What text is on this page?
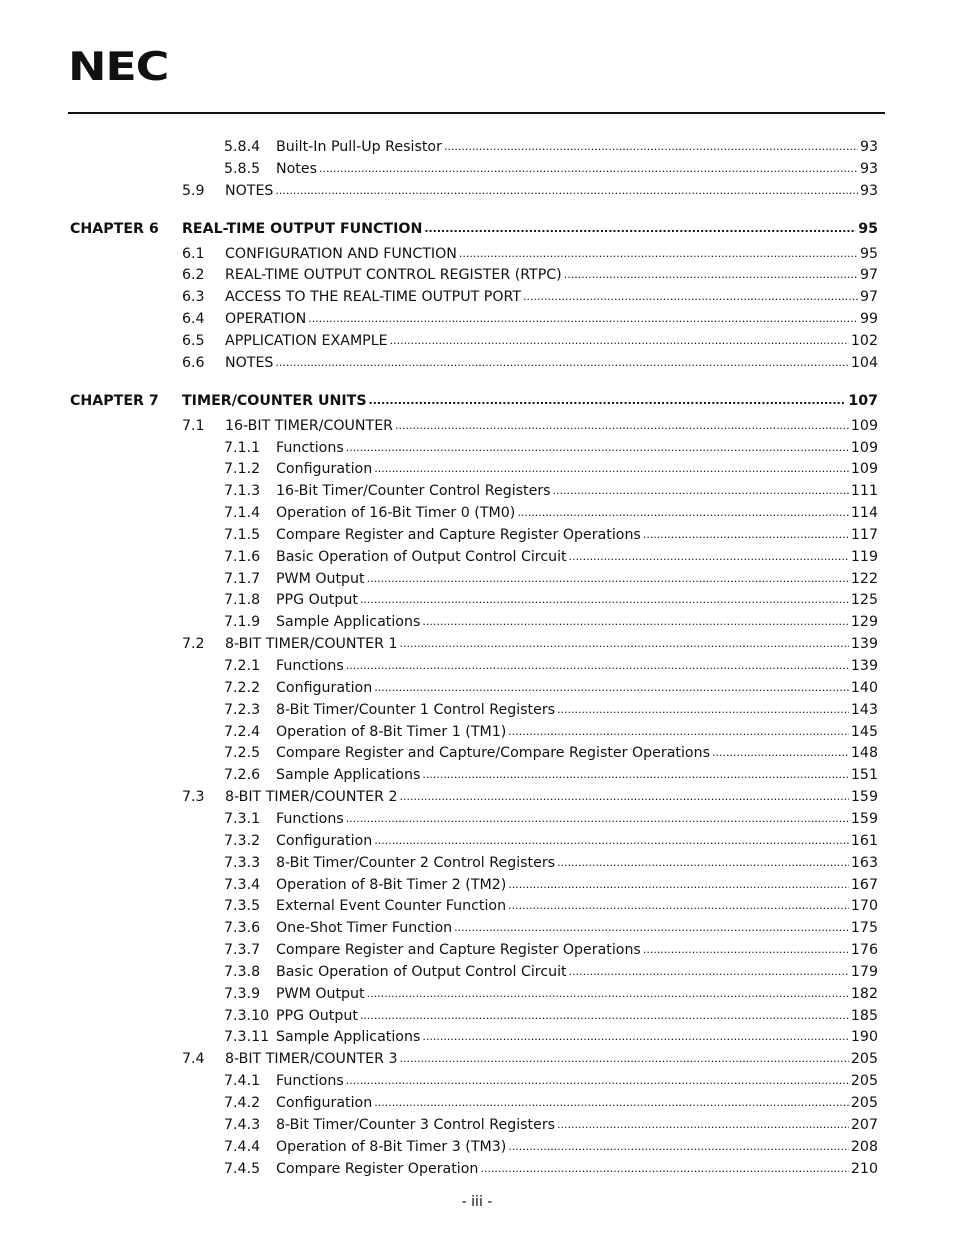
NEC
5.8.4	Built-In Pull-Up Resistor .....	93
5.8.5	Notes .....	93
5.9	NOTES .....	93
CHAPTER 6 REAL-TIME OUTPUT FUNCTION .....	95
6.1	CONFIGURATION AND FUNCTION .....	95
6.2	REAL-TIME OUTPUT CONTROL REGISTER (RTPC) .....	97
6.3	ACCESS TO THE REAL-TIME OUTPUT PORT .....	97
6.4	OPERATION .....	99
6.5	APPLICATION EXAMPLE .....	102
6.6	NOTES .....	104
CHAPTER 7 TIMER/COUNTER UNITS .....	107
7.1	16-BIT TIMER/COUNTER .....	109
7.1.1	Functions .....	109
7.1.2	Configuration .....	109
7.1.3	16-Bit Timer/Counter Control Registers .....	111
7.1.4	Operation of 16-Bit Timer 0 (TM0) .....	114
7.1.5	Compare Register and Capture Register Operations .....	117
7.1.6	Basic Operation of Output Control Circuit .....	119
7.1.7	PWM Output .....	122
7.1.8	PPG Output .....	125
7.1.9	Sample Applications .....	129
7.2	8-BIT TIMER/COUNTER 1 .....	139
7.2.1	Functions .....	139
7.2.2	Configuration .....	140
7.2.3	8-Bit Timer/Counter 1 Control Registers .....	143
7.2.4	Operation of 8-Bit Timer 1 (TM1) .....	145
7.2.5	Compare Register and Capture/Compare Register Operations .....	148
7.2.6	Sample Applications .....	151
7.3	8-BIT TIMER/COUNTER 2 .....	159
7.3.1	Functions .....	159
7.3.2	Configuration .....	161
7.3.3	8-Bit Timer/Counter 2 Control Registers .....	163
7.3.4	Operation of 8-Bit Timer 2 (TM2) .....	167
7.3.5	External Event Counter Function .....	170
7.3.6	One-Shot Timer Function .....	175
7.3.7	Compare Register and Capture Register Operations .....	176
7.3.8	Basic Operation of Output Control Circuit .....	179
7.3.9	PWM Output .....	182
7.3.10 PPG Output .....	185
7.3.11 Sample Applications .....	190
7.4	8-BIT TIMER/COUNTER 3 .....	205
7.4.1	Functions .....	205
7.4.2	Configuration .....	205
7.4.3	8-Bit Timer/Counter 3 Control Registers .....	207
7.4.4	Operation of 8-Bit Timer 3 (TM3) .....	208
7.4.5	Compare Register Operation .....	210
- iii -
